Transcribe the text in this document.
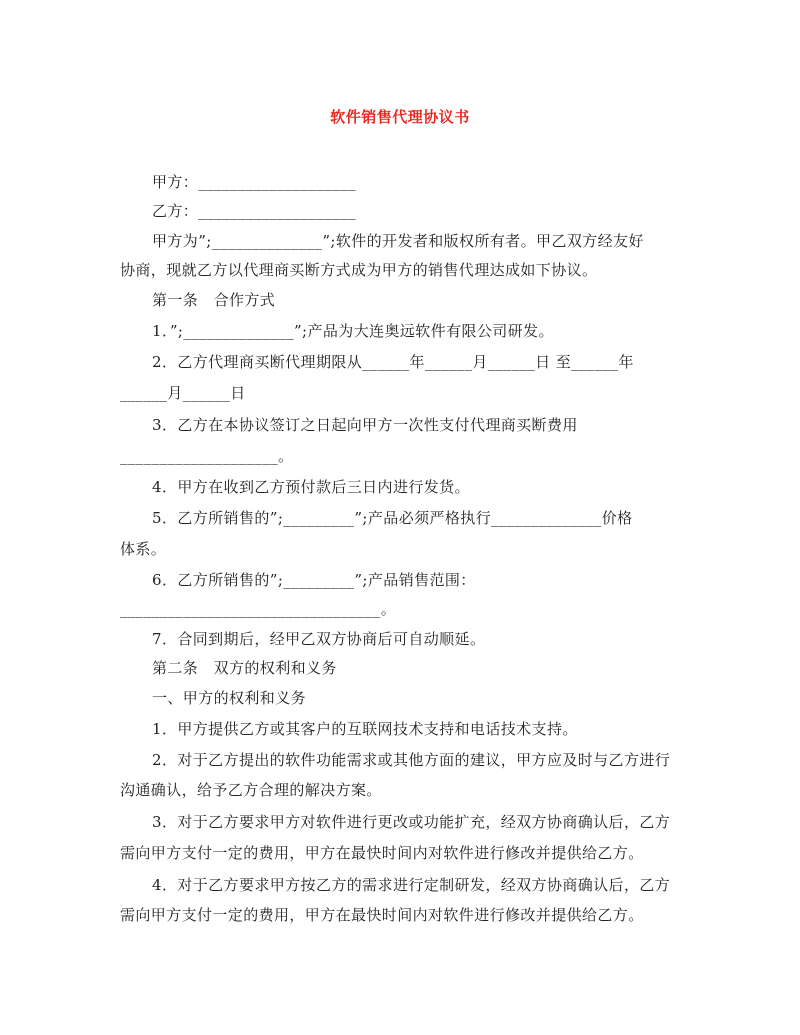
软件销售代理协议书
甲方：____________________
乙方：____________________
甲方为”;______________”;软件的开发者和版权所有者。甲乙双方经友好
协商，现就乙方以代理商买断方式成为甲方的销售代理达成如下协议。
第一条　合作方式
1．”;______________”;产品为大连奥远软件有限公司研发。
2．乙方代理商买断代理期限从______年______月______日 至______年
______月______日
3．乙方在本协议签订之日起向甲方一次性支付代理商买断费用
____________________。
4．甲方在收到乙方预付款后三日内进行发货。
5．乙方所销售的”;_________”;产品必须严格执行______________价格
体系。
6．乙方所销售的”;_________”;产品销售范围：
_________________________________。
7．合同到期后，经甲乙双方协商后可自动顺延。
第二条　双方的权利和义务
一、甲方的权利和义务
1．甲方提供乙方或其客户的互联网技术支持和电话技术支持。
2．对于乙方提出的软件功能需求或其他方面的建议，甲方应及时与乙方进行
沟通确认，给予乙方合理的解决方案。
3．对于乙方要求甲方对软件进行更改或功能扩充，经双方协商确认后，乙方
需向甲方支付一定的费用，甲方在最快时间内对软件进行修改并提供给乙方。
4．对于乙方要求甲方按乙方的需求进行定制研发，经双方协商确认后，乙方
需向甲方支付一定的费用，甲方在最快时间内对软件进行修改并提供给乙方。
